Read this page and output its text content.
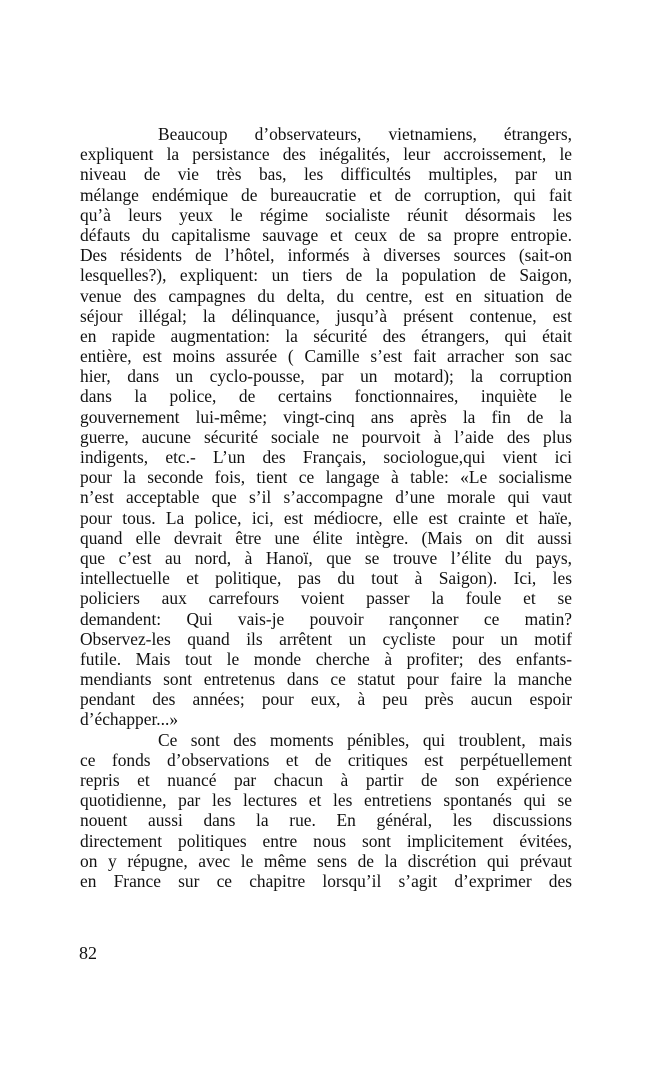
Beaucoup d’observateurs, vietnamiens, étrangers,
expliquent la persistance des inégalités, leur accroissement, le
niveau de vie très bas, les difficultés multiples, par un
mélange endémique de bureaucratie et de corruption, qui fait
qu’à leurs yeux le régime socialiste réunit désormais les
défauts du capitalisme sauvage et ceux de sa propre entropie.
Des résidents de l’hôtel, informés à diverses sources (sait-on
lesquelles?), expliquent: un tiers de la population de Saigon,
venue des campagnes du delta, du centre, est en situation de
séjour illégal; la délinquance, jusqu’à présent contenue, est
en rapide augmentation: la sécurité des étrangers, qui était
entière, est moins assurée ( Camille s’est fait arracher son sac
hier, dans un cyclo-pousse, par un motard); la corruption
dans la police, de certains fonctionnaires, inquiète le
gouvernement lui-même; vingt-cinq ans après la fin de la
guerre, aucune sécurité sociale ne pourvoit à l’aide des plus
indigents, etc.- L’un des Français, sociologue,qui vient ici
pour la seconde fois, tient ce langage à table: «Le socialisme
n’est acceptable que s’il s’accompagne d’une morale qui vaut
pour tous. La police, ici, est médiocre, elle est crainte et haïe,
quand elle devrait être une élite intègre. (Mais on dit aussi
que c’est au nord, à Hanoï, que se trouve l’élite du pays,
intellectuelle et politique, pas du tout à Saigon). Ici, les
policiers aux carrefours voient passer la foule et se
demandent: Qui vais-je pouvoir rançonner ce matin?
Observez-les quand ils arrêtent un cycliste pour un motif
futile. Mais tout le monde cherche à profiter; des enfants-
mendiants sont entretenus dans ce statut pour faire la manche
pendant des années; pour eux, à peu près aucun espoir
d’échapper...»
Ce sont des moments pénibles, qui troublent, mais
ce fonds d’observations et de critiques est perpétuellement
repris et nuancé par chacun à partir de son expérience
quotidienne, par les lectures et les entretiens spontanés qui se
nouent aussi dans la rue. En général, les discussions
directement politiques entre nous sont implicitement évitées,
on y répugne, avec le même sens de la discrétion qui prévaut
en France sur ce chapitre lorsqu’il s’agit d’exprimer des
82
